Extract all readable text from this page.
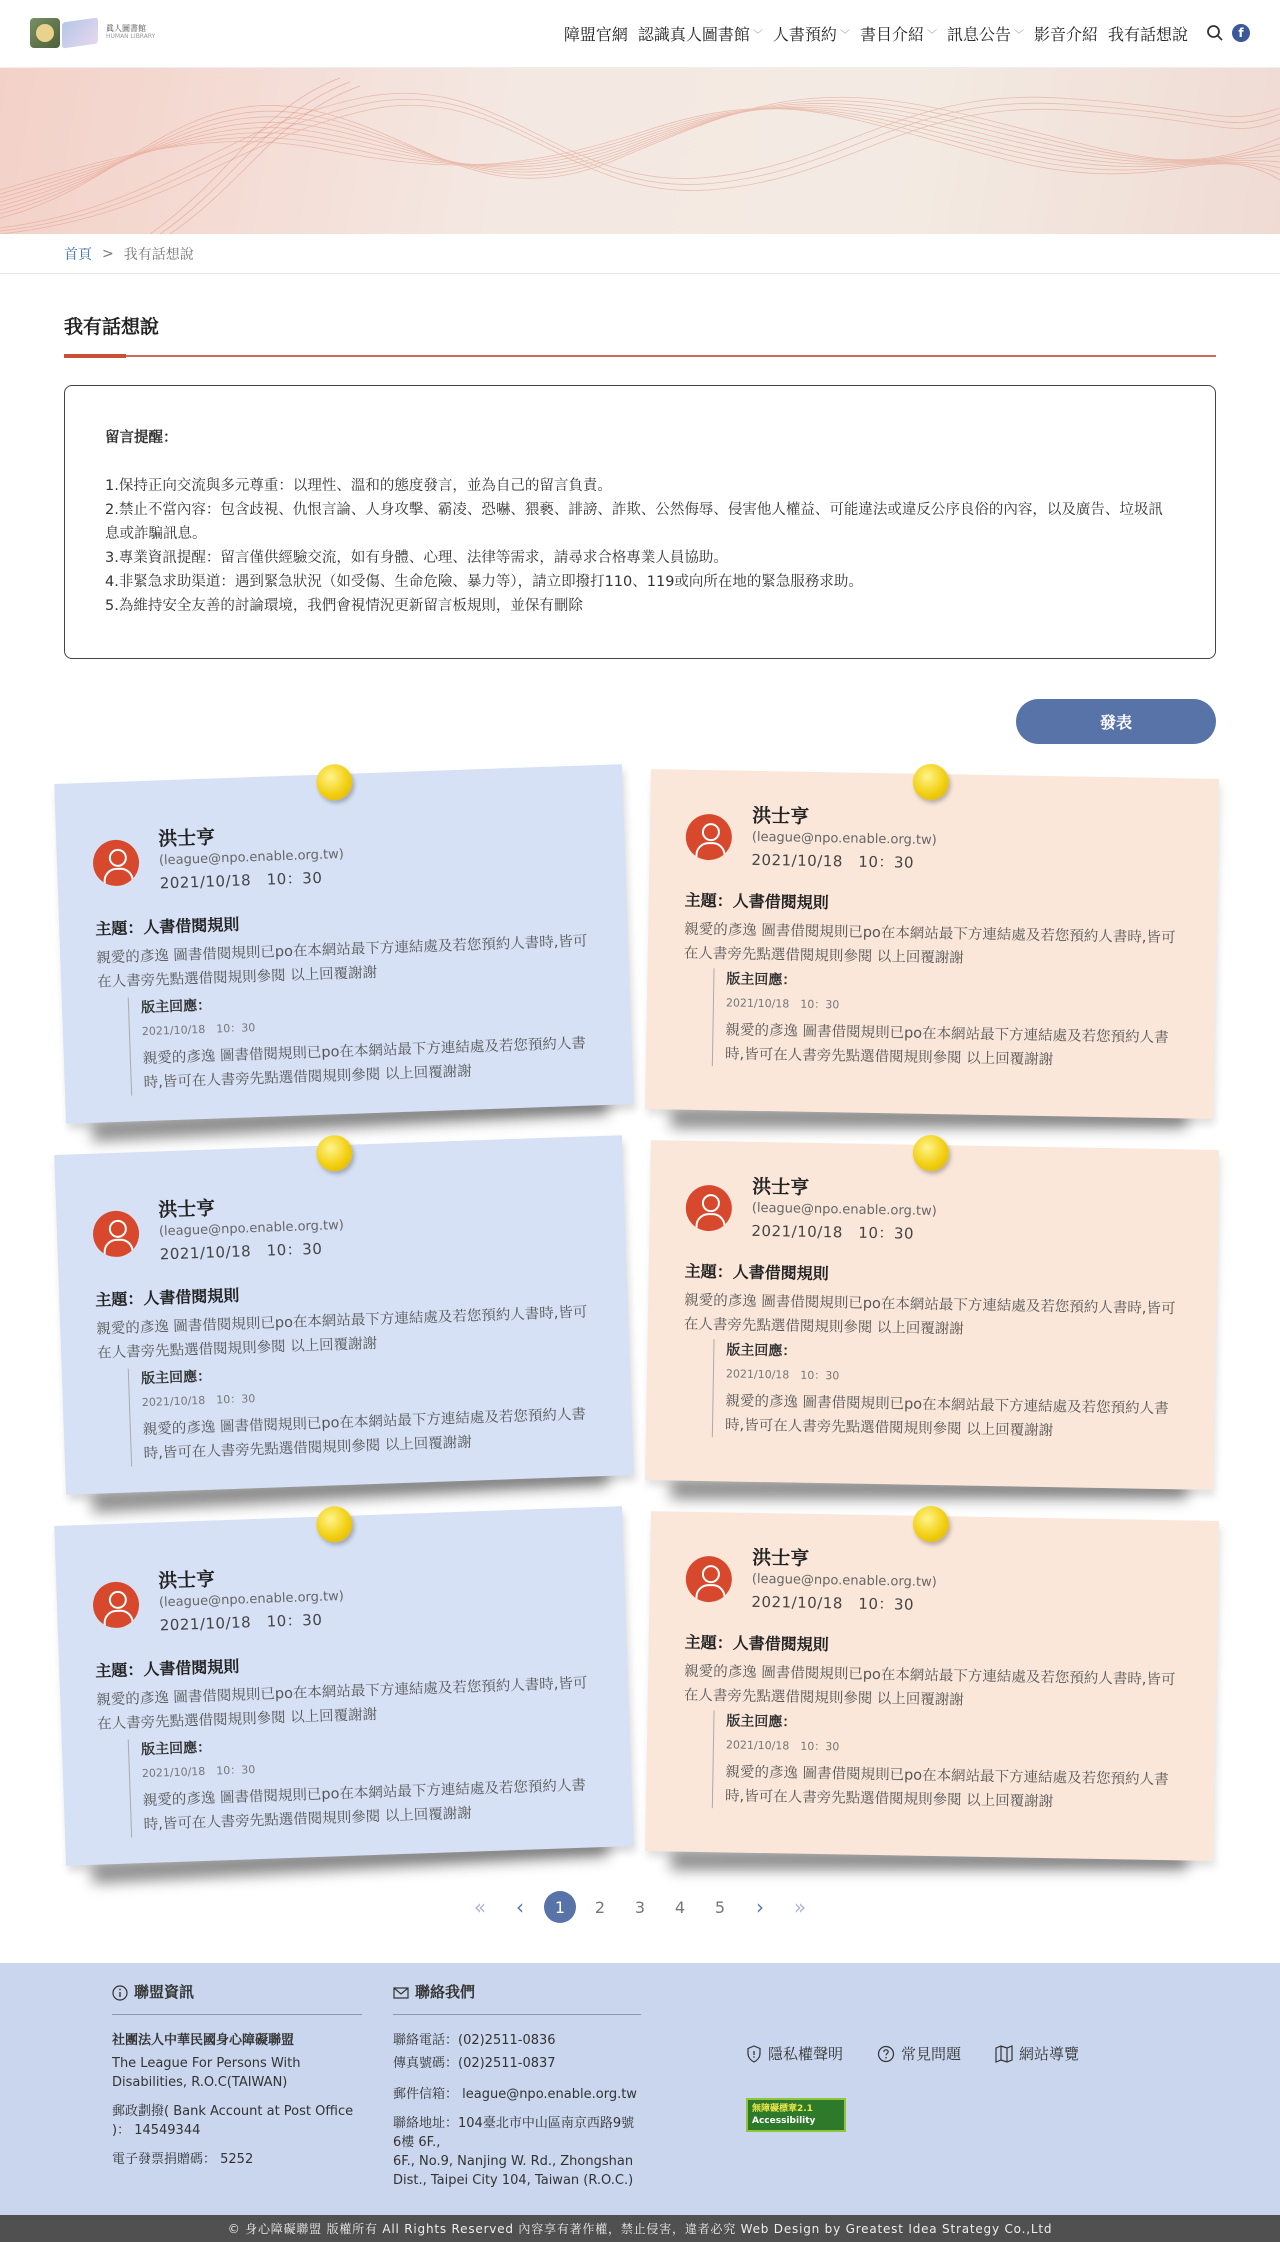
眞人圖書館
HUMAN LIBRARY	障盟官網 認識真人圖書館 ﹀ 人書預約 ﹀ 書目介紹 ﹀ 訊息公告 ﹀ 影音介紹 我有話想說	f
首頁 > 我有話想說
我有話想說
留言提醒：
1.保持正向交流與多元尊重：以理性、溫和的態度發言，並為自己的留言負責。
2.禁止不當內容：包含歧視、仇恨言論、人身攻擊、霸凌、恐嚇、猥褻、誹謗、詐欺、公然侮辱、侵害他人權益、可能違法或違反公序良俗的內容，以及廣告、垃圾訊息或詐騙訊息。
3.專業資訊提醒：留言僅供經驗交流，如有身體、心理、法律等需求，請尋求合格專業人員協助。
4.非緊急求助渠道：遇到緊急狀況（如受傷、生命危險、暴力等），請立即撥打110、119或向所在地的緊急服務求助。
5.為維持安全友善的討論環境，我們會視情況更新留言板規則，並保有刪除
發表
洪士亨
(league@npo.enable.org.tw)
2021/10/18　10：30
主題：人書借閱規則
親愛的彥逸 圖書借閱規則已po在本網站最下方連結處及若您預約人書時,皆可在人書旁先點選借閱規則參閱 以上回覆謝謝
版主回應：
2021/10/18　10：30
親愛的彥逸 圖書借閱規則已po在本網站最下方連結處及若您預約人書時,皆可在人書旁先點選借閱規則參閱 以上回覆謝謝
洪士亨
(league@npo.enable.org.tw)
2021/10/18　10：30
主題：人書借閱規則
親愛的彥逸 圖書借閱規則已po在本網站最下方連結處及若您預約人書時,皆可在人書旁先點選借閱規則參閱 以上回覆謝謝
版主回應：
2021/10/18　10：30
親愛的彥逸 圖書借閱規則已po在本網站最下方連結處及若您預約人書時,皆可在人書旁先點選借閱規則參閱 以上回覆謝謝
洪士亨
(league@npo.enable.org.tw)
2021/10/18　10：30
主題：人書借閱規則
親愛的彥逸 圖書借閱規則已po在本網站最下方連結處及若您預約人書時,皆可在人書旁先點選借閱規則參閱 以上回覆謝謝
版主回應：
2021/10/18　10：30
親愛的彥逸 圖書借閱規則已po在本網站最下方連結處及若您預約人書時,皆可在人書旁先點選借閱規則參閱 以上回覆謝謝
洪士亨
(league@npo.enable.org.tw)
2021/10/18　10：30
主題：人書借閱規則
親愛的彥逸 圖書借閱規則已po在本網站最下方連結處及若您預約人書時,皆可在人書旁先點選借閱規則參閱 以上回覆謝謝
版主回應：
2021/10/18　10：30
親愛的彥逸 圖書借閱規則已po在本網站最下方連結處及若您預約人書時,皆可在人書旁先點選借閱規則參閱 以上回覆謝謝
洪士亨
(league@npo.enable.org.tw)
2021/10/18　10：30
主題：人書借閱規則
親愛的彥逸 圖書借閱規則已po在本網站最下方連結處及若您預約人書時,皆可在人書旁先點選借閱規則參閱 以上回覆謝謝
版主回應：
2021/10/18　10：30
親愛的彥逸 圖書借閱規則已po在本網站最下方連結處及若您預約人書時,皆可在人書旁先點選借閱規則參閱 以上回覆謝謝
洪士亨
(league@npo.enable.org.tw)
2021/10/18　10：30
主題：人書借閱規則
親愛的彥逸 圖書借閱規則已po在本網站最下方連結處及若您預約人書時,皆可在人書旁先點選借閱規則參閱 以上回覆謝謝
版主回應：
2021/10/18　10：30
親愛的彥逸 圖書借閱規則已po在本網站最下方連結處及若您預約人書時,皆可在人書旁先點選借閱規則參閱 以上回覆謝謝
«	‹	1	2	3	4	5	›	»
聯盟資訊
社團法人中華民國身心障礙聯盟
The League For Persons With Disabilities, R.O.C(TAIWAN)
郵政劃撥( Bank Account at Post Office )： 14549344
電子發票捐贈碼： 5252
聯絡我們
聯絡電話：(02)2511-0836
傳真號碼：(02)2511-0837
郵件信箱： league@npo.enable.org.tw
聯絡地址：104臺北市中山區南京西路9號6樓 6F.,
6F., No.9, Nanjing W. Rd., Zhongshan Dist., Taipei City 104, Taiwan (R.O.C.)
隱私權聲明	常見問題	網站導覽
無障礙標章2.1
Accessibility
© 身心障礙聯盟 版權所有 All Rights Reserved 內容享有著作權，禁止侵害，違者必究 Web Design by Greatest Idea Strategy Co.,Ltd
